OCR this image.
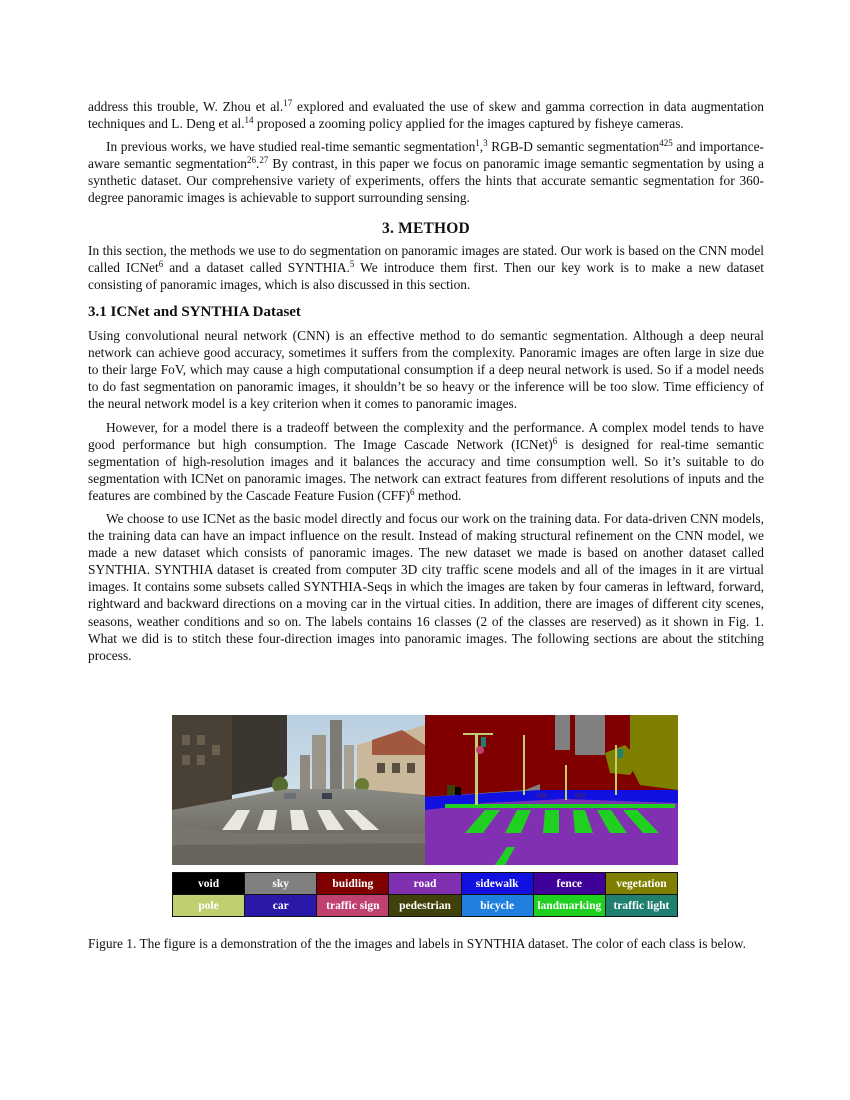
address this trouble, W. Zhou et al.$^{17}$ explored and evaluated the use of skew and gamma correction in data augmentation techniques and L. Deng et al.$^{14}$ proposed a zooming policy applied for the images captured by fisheye cameras.

In previous works, we have studied real-time semantic segmentation$^1$,$^3$ RGB-D semantic segmentation$^{425}$ and importance-aware semantic segmentation$^{26}$.$^{27}$ By contrast, in this paper we focus on panoramic image semantic segmentation by using a synthetic dataset. Our comprehensive variety of experiments, offers the hints that accurate semantic segmentation for 360-degree panoramic images is achievable to support surrounding sensing.

3. METHOD

In this section, the methods we use to do segmentation on panoramic images are stated. Our work is based on the CNN model called ICNet$^6$ and a dataset called SYNTHIA.$^5$ We introduce them first. Then our key work is to make a new dataset consisting of panoramic images, which is also discussed in this section.

3.1 ICNet and SYNTHIA Dataset

Using convolutional neural network (CNN) is an effective method to do semantic segmentation. Although a deep neural network can achieve good accuracy, sometimes it suffers from the complexity. Panoramic images are often large in size due to their large FoV, which may cause a high computational consumption if a deep neural network is used. So if a model needs to do fast segmentation on panoramic images, it shouldn’t be so heavy or the inference will be too slow. Time efficiency of the neural network model is a key criterion when it comes to panoramic images.

However, for a model there is a tradeoff between the complexity and the performance. A complex model tends to have good performance but high consumption. The Image Cascade Network (ICNet)$^6$ is designed for real-time semantic segmentation of high-resolution images and it balances the accuracy and time consumption well. So it’s suitable to do segmentation with ICNet on panoramic images. The network can extract features from different resolutions of inputs and the features are combined by the Cascade Feature Fusion (CFF)$^6$ method.

We choose to use ICNet as the basic model directly and focus our work on the training data. For data-driven CNN models, the training data can have an impact influence on the result. Instead of making structural refinement on the CNN model, we made a new dataset which consists of panoramic images. The new dataset we made is based on another dataset called SYNTHIA. SYNTHIA dataset is created from computer 3D city traffic scene models and all of the images in it are virtual images. It contains some subsets called SYNTHIA-Seqs in which the images are taken by four cameras in leftward, forward, rightward and backward directions on a moving car in the virtual cities. In addition, there are images of different city scenes, seasons, weather conditions and so on. The labels contains 16 classes (2 of the classes are reserved) as it shown in Fig. 1. What we did is to stitch these four-direction images into panoramic images. The following sections are about the stitching process.

void	sky	buidling	road	sidewalk	fence	vegetation
pole	car	traffic sign	pedestrian	bicycle	landmarking	traffic light
Figure 1. The figure is a demonstration of the the images and labels in SYNTHIA dataset. The color of each class is below.
